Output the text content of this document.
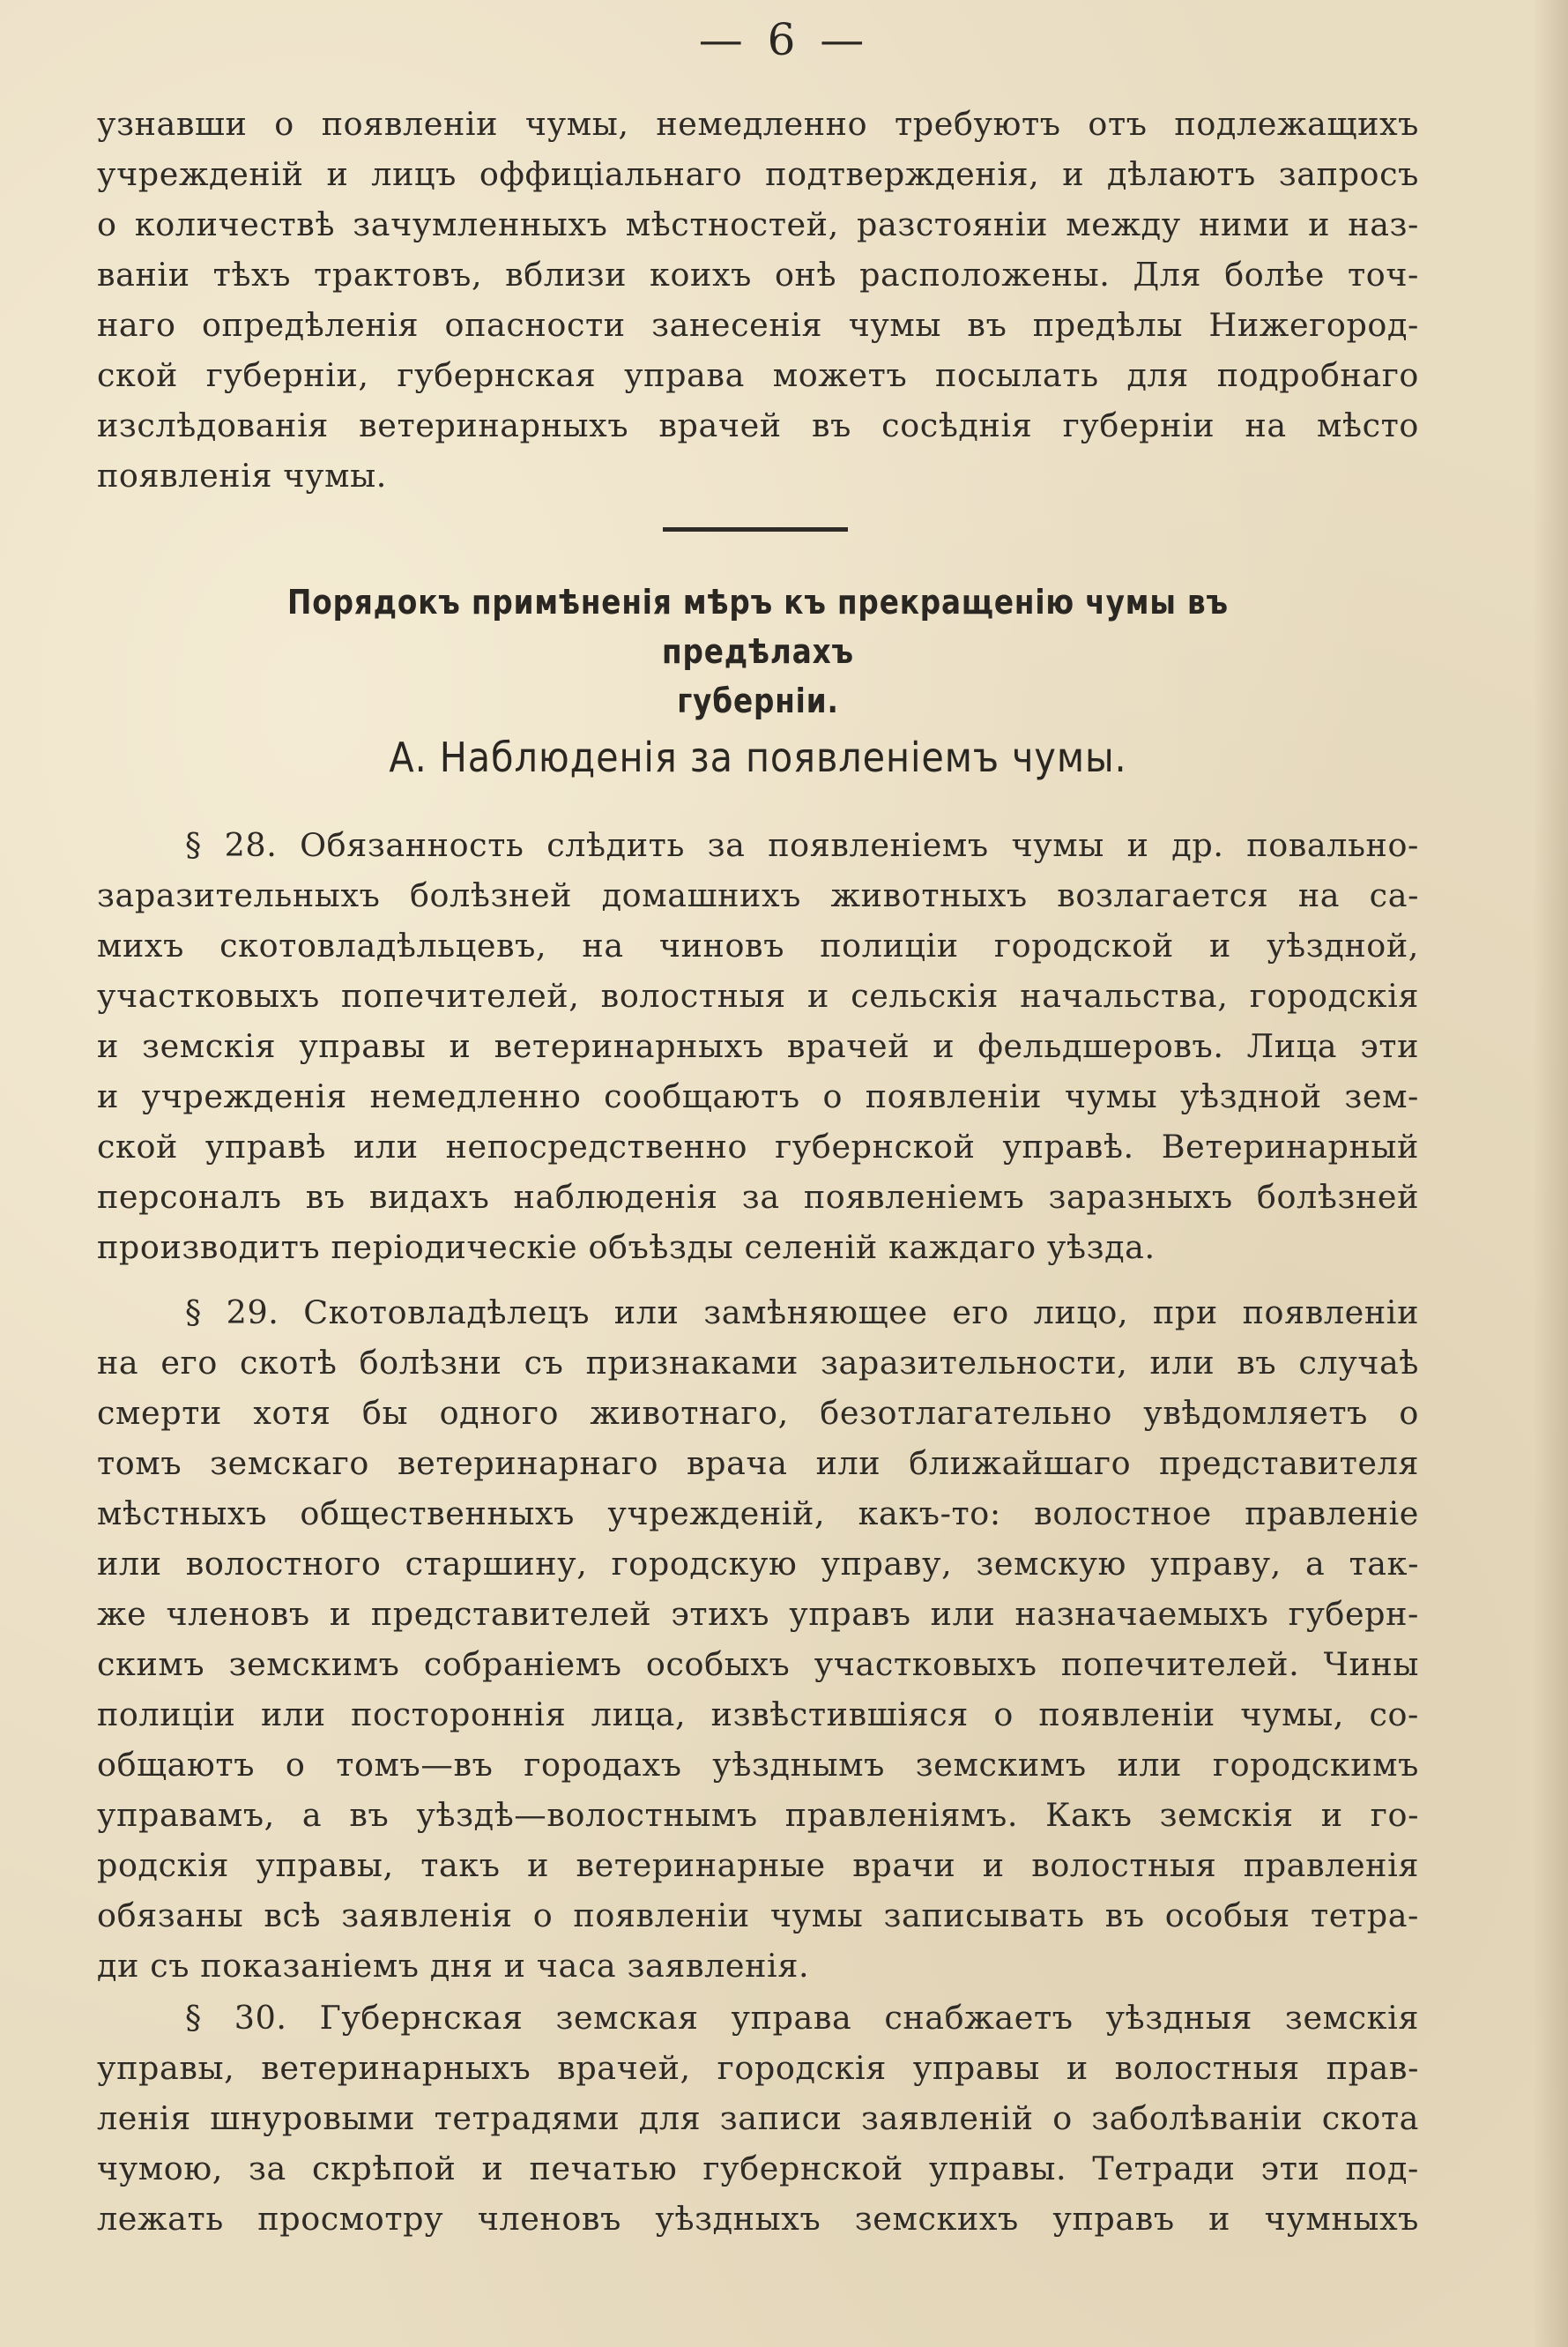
— 6 —
узнавши о появленіи чумы, немедленно требуютъ отъ подлежащихъ
учрежденій и лицъ оффиціальнаго подтвержденія, и дѣлаютъ запросъ
о количествѣ зачумленныхъ мѣстностей, разстояніи между ними и наз-
ваніи тѣхъ трактовъ, вблизи коихъ онѣ расположены. Для болѣе точ-
наго опредѣленія опасности занесенія чумы въ предѣлы Нижегород-
ской губерніи, губернская управа можетъ посылать для подробнаго
изслѣдованія ветеринарныхъ врачей въ сосѣднія губерніи на мѣсто
появленія чумы.
Порядокъ примѣненія мѣръ къ прекращенію чумы въ предѣлахъ
губерніи.
А. Наблюденія за появленіемъ чумы.
§ 28. Обязанность слѣдить за появленіемъ чумы и др. повально-
заразительныхъ болѣзней домашнихъ животныхъ возлагается на са-
михъ скотовладѣльцевъ, на чиновъ полиціи городской и уѣздной,
участковыхъ попечителей, волостныя и сельскія начальства, городскія
и земскія управы и ветеринарныхъ врачей и фельдшеровъ. Лица эти
и учрежденія немедленно сообщаютъ о появленіи чумы уѣздной зем-
ской управѣ или непосредственно губернской управѣ. Ветеринарный
персоналъ въ видахъ наблюденія за появленіемъ заразныхъ болѣзней
производитъ періодическіе объѣзды селеній каждаго уѣзда.
§ 29. Скотовладѣлецъ или замѣняющее его лицо, при появленіи
на его скотѣ болѣзни съ признаками заразительности, или въ случаѣ
смерти хотя бы одного животнаго, безотлагательно увѣдомляетъ о
томъ земскаго ветеринарнаго врача или ближайшаго представителя
мѣстныхъ общественныхъ учрежденій, какъ-то: волостное правленіе
или волостного старшину, городскую управу, земскую управу, а так-
же членовъ и представителей этихъ управъ или назначаемыхъ губерн-
скимъ земскимъ собраніемъ особыхъ участковыхъ попечителей. Чины
полиціи или постороннія лица, извѣстившіяся о появленіи чумы, со-
общаютъ о томъ—въ городахъ уѣзднымъ земскимъ или городскимъ
управамъ, а въ уѣздѣ—волостнымъ правленіямъ. Какъ земскія и го-
родскія управы, такъ и ветеринарные врачи и волостныя правленія
обязаны всѣ заявленія о появленіи чумы записывать въ особыя тетра-
ди съ показаніемъ дня и часа заявленія.
§ 30. Губернская земская управа снабжаетъ уѣздныя земскія
управы, ветеринарныхъ врачей, городскія управы и волостныя прав-
ленія шнуровыми тетрадями для записи заявленій о заболѣваніи скота
чумою, за скрѣпой и печатью губернской управы. Тетради эти под-
лежать просмотру членовъ уѣздныхъ земскихъ управъ и чумныхъ
